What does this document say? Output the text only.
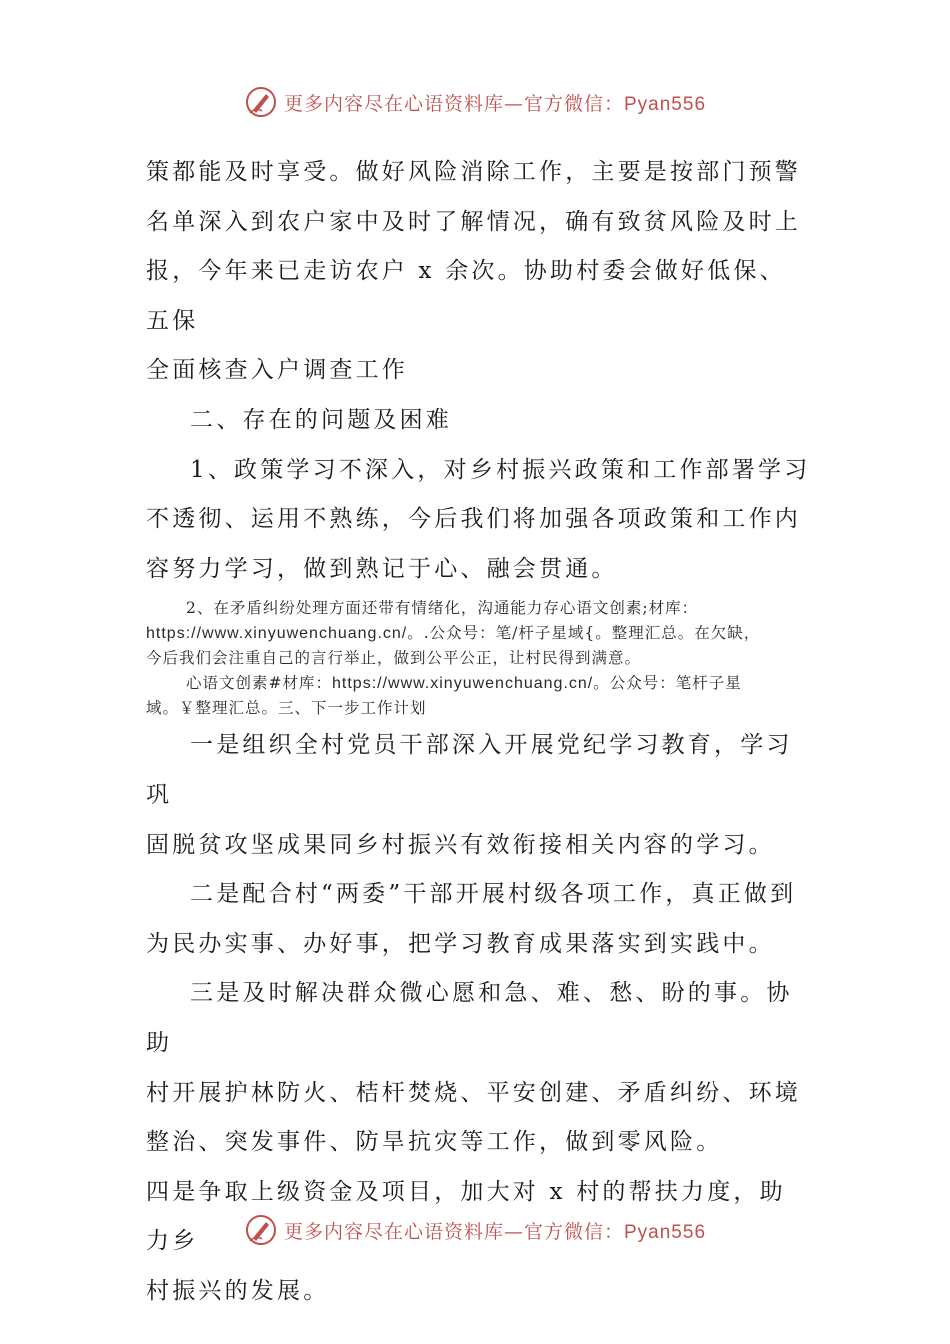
更多内容尽在心语资料库—官方微信：Pyan556

策都能及时享受。做好风险消除工作，主要是按部门预警

名单深入到农户家中及时了解情况，确有致贫风险及时上

报，今年来已走访农户 x 余次。协助村委会做好低保、五保

全面核查入户调查工作

二、存在的问题及困难

1、政策学习不深入，对乡村振兴政策和工作部署学习

不透彻、运用不熟练，今后我们将加强各项政策和工作内

容努力学习，做到熟记于心、融会贯通。

2、在矛盾纠纷处理方面还带有情绪化，沟通能力存心语文创素;材库：
https://www.xinyuwenchuang.cn/。.公众号：笔/杆子星域{。整理汇总。在欠缺，

今后我们会注重自己的言行举止，做到公平公正，让村民得到满意。

心语文创素#材库：https://www.xinyuwenchuang.cn/。公众号：笔杆子星

域。￥整理汇总。三、下一步工作计划

一是组织全村党员干部深入开展党纪学习教育，学习巩

固脱贫攻坚成果同乡村振兴有效衔接相关内容的学习。

二是配合村“两委”干部开展村级各项工作，真正做到

为民办实事、办好事，把学习教育成果落实到实践中。

三是及时解决群众微心愿和急、难、愁、盼的事。协助

村开展护林防火、桔杆焚烧、平安创建、矛盾纠纷、环境

整治、突发事件、防旱抗灾等工作，做到零风险。

四是争取上级资金及项目，加大对 x 村的帮扶力度，助力乡

村振兴的发展。

更多内容尽在心语资料库—官方微信：Pyan556
